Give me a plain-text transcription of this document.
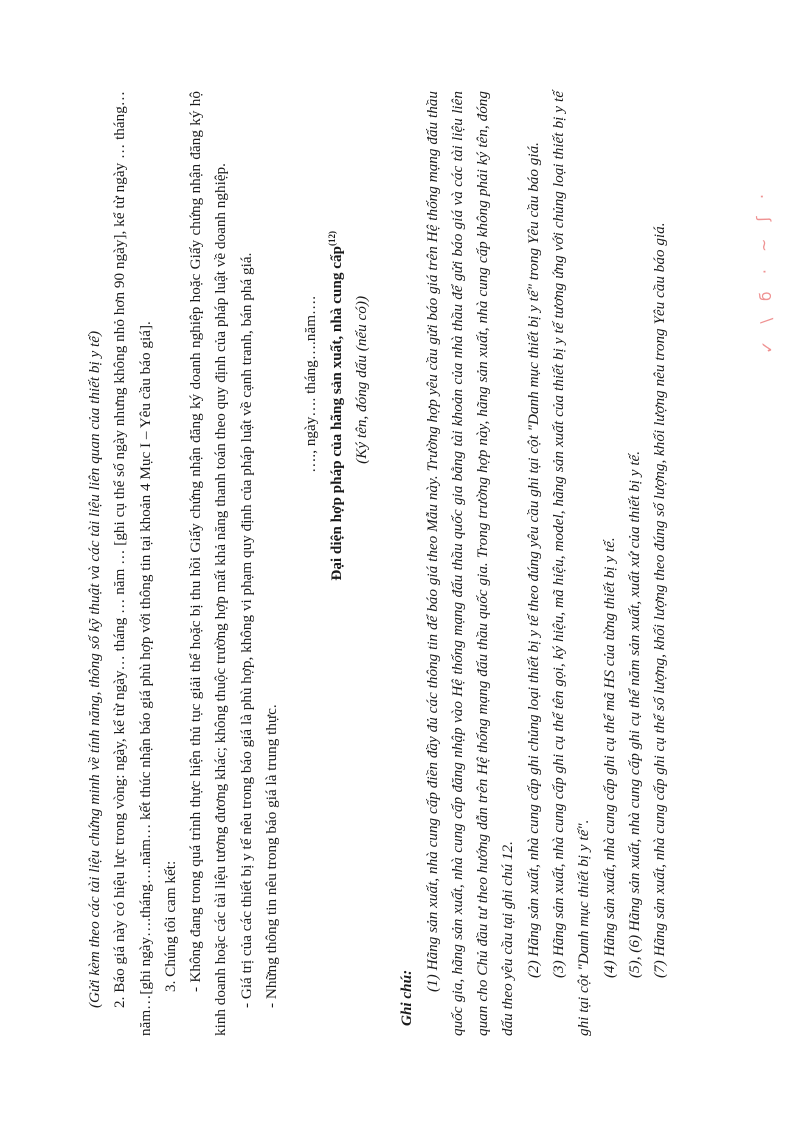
(Gửi kèm theo các tài liệu chứng minh về tính năng, thông số kỹ thuật và các tài liệu liên quan của thiết bị y tế) 2. Báo giá này có hiệu lực trong vòng: ngày, kể từ ngày… tháng … năm … [ghi cụ thể số ngày nhưng không nhỏ hơn 90 ngày], kể từ ngày … tháng… năm…[ghi ngày….tháng….năm… kết thúc nhận báo giá phù hợp với thông tin tại khoản 4 Mục I – Yêu cầu báo giá]. 3. Chúng tôi cam kết: - Không đang trong quá trình thực hiện thủ tục giải thể hoặc bị thu hồi Giấy chứng nhận đăng ký doanh nghiệp hoặc Giấy chứng nhận đăng ký hộ kinh doanh hoặc các tài liệu tương đương khác; không thuộc trường hợp mất khả năng thanh toán theo quy định của pháp luật về doanh nghiệp. - Giá trị của các thiết bị y tế nêu trong báo giá là phù hợp, không vi phạm quy định của pháp luật về cạnh tranh, bán phá giá. - Những thông tin nêu trong báo giá là trung thực.

…., ngày…. tháng….năm…. Đại diện hợp pháp của hãng sản xuất, nhà cung cấp$^{(12)}$

(Ký tên, đóng dấu (nếu có))

Ghi chú:

(1) Hãng sản xuất, nhà cung cấp điền đầy đủ các thông tin để báo giá theo Mẫu này. Trường hợp yêu cầu gửi báo giá trên Hệ thống mạng đấu thầu quốc gia, hãng sản xuất, nhà cung cấp đăng nhập vào Hệ thống mạng đấu thầu quốc gia bằng tài khoản của nhà thầu để gửi báo giá và các tài liệu liên quan cho Chủ đầu tư theo hướng dẫn trên Hệ thống mạng đấu thầu quốc gia. Trong trường hợp này, hãng sản xuất, nhà cung cấp không phải ký tên, đóng dấu theo yêu cầu tại ghi chú 12. (2) Hãng sản xuất, nhà cung cấp ghi chủng loại thiết bị y tế theo đúng yêu cầu ghi tại cột "Danh mục thiết bị y tế" trong Yêu cầu báo giá. (3) Hãng sản xuất, nhà cung cấp ghi cụ thể tên gọi, ký hiệu, mã hiệu, model, hãng sản xuất của thiết bị y tế tương ứng với chủng loại thiết bị y tế ghi tại cột "Danh mục thiết bị y tế". (4) Hãng sản xuất, nhà cung cấp ghi cụ thể mã HS của từng thiết bị y tế. (5), (6) Hãng sản xuất, nhà cung cấp ghi cụ thể năm sản xuất, xuất xứ của thiết bị y tế. (7) Hãng sản xuất, nhà cung cấp ghi cụ thể số lượng, khối lượng theo đúng số lượng, khối lượng nêu trong Yêu cầu báo giá.	✓ \ ϭ · ~ ʃ ·
